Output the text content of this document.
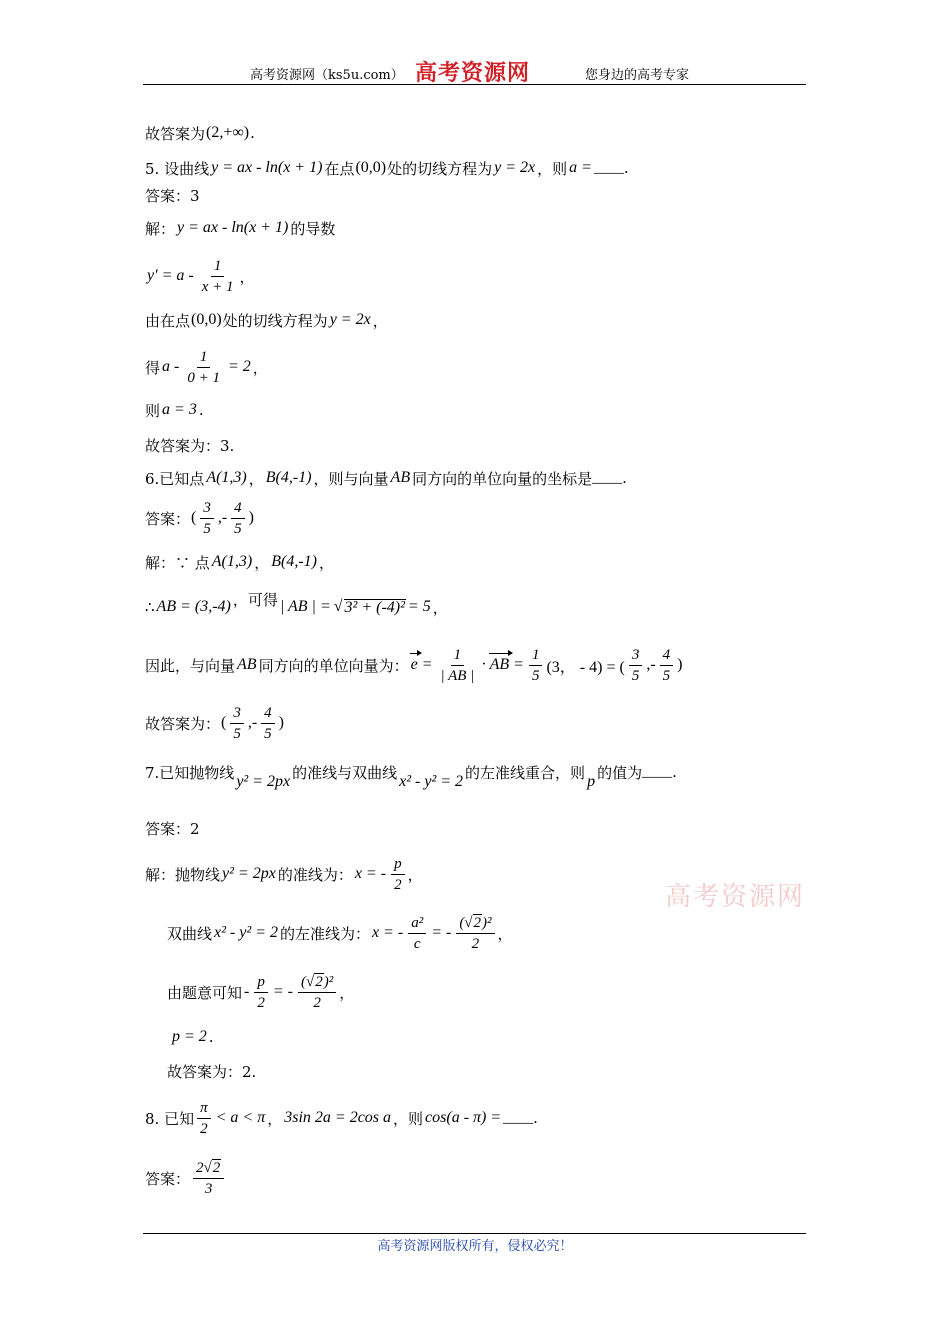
高考资源网（ks5u.com） 高考资源网	您身边的高考专家
高考资源网
故答案为 (2,+∞) .
5. 设曲线 y = ax - ln(x + 1) 在点 (0,0) 处的切线方程为 y = 2x ，则 a = ____ .
答案：3
解： y = ax - ln(x + 1) 的导数
$y' = a - \frac{1}{x + 1}$ ，
由在点 (0,0) 处的切线方程为 y = 2x ，
得 $a - \frac{1}{0 + 1} = 2$ ，
则 a = 3 .
故答案为：3.
6.已知点 A(1,3) ， B(4,-1) ，则与向量 AB 同方向的单位向量的坐标是 ____ .
答案： ( $\frac{3}{5}$ ,- $\frac{4}{5}$ )
解：∵ 点 A(1,3) ， B(4,-1) ，
∴ AB = (3,-4) ，可得 | AB | = √ 3² + (-4)² = 5 ，
因此，与向量 AB 同方向的单位向量为： $e = \frac{1}{| AB |}$ · AB = $\frac{1}{5} (3$， - 4) = ( $\frac{3}{5}$ ,- $\frac{4}{5}$ )
故答案为： ( $\frac{3}{5}$ ,- $\frac{4}{5}$ )
7.已知抛物线 y² = 2px 的准线与双曲线 x² - y² = 2 的左准线重合，则 p 的值为 ____ .
答案：2
解：抛物线 y² = 2px 的准线为： x = - $\frac{p}{2}$ ，
双曲线 x² - y² = 2 的左准线为： x = - $\frac{\text{a²}}{c}$ = - $\frac{\text{(√2)²}}{2}$ ，
由题意可知 - $\frac{p}{2}$ = - $\frac{\text{(√2)²}}{2}$ ，
p = 2 .
故答案为：2.
8. 已知 $\frac{\pi}{2} < a < \pi$ ， 3sin 2a = 2cos a ，则 cos(a - π) = ____ .
答案： $\frac{2√2}{3}$
高考资源网版权所有，侵权必究！
